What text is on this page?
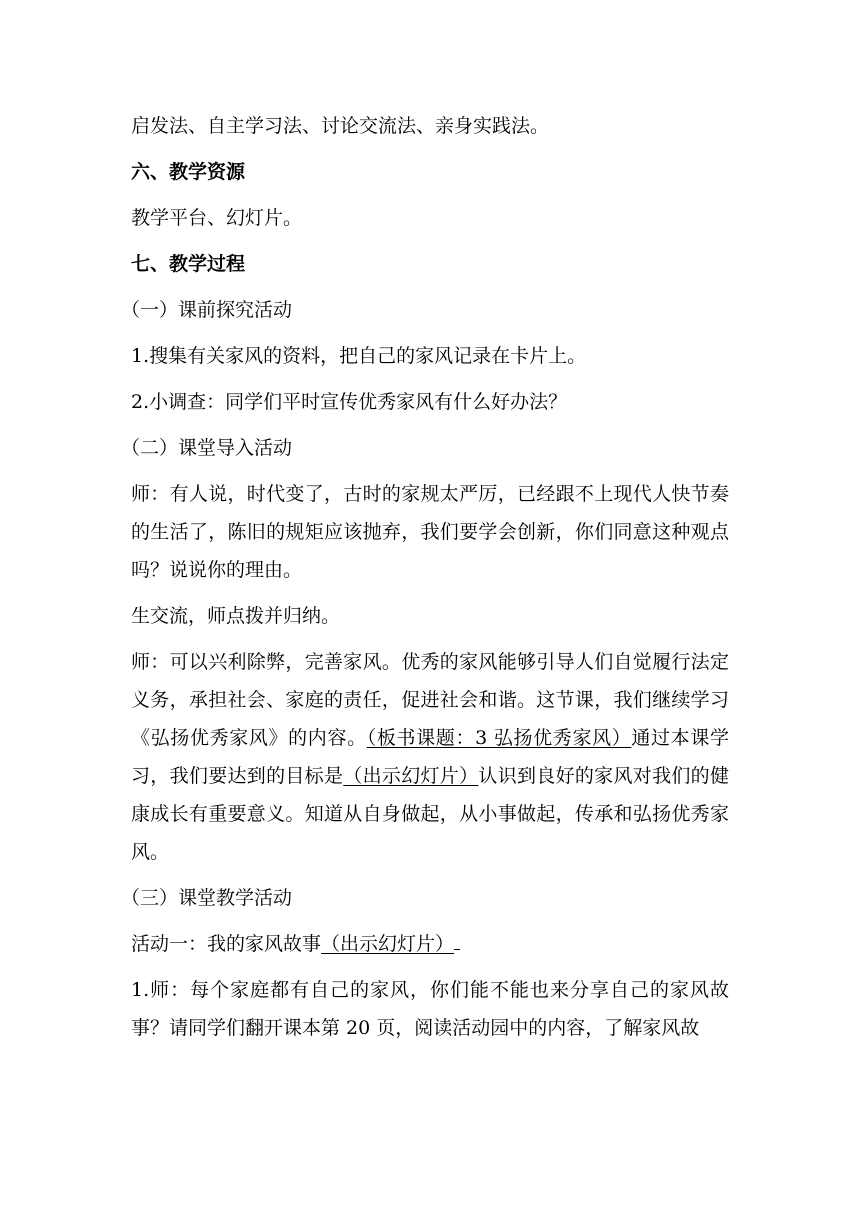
启发法、自主学习法、讨论交流法、亲身实践法。
六、教学资源
教学平台、幻灯片。
七、教学过程
（一）课前探究活动
1.搜集有关家风的资料，把自己的家风记录在卡片上。
2.小调查：同学们平时宣传优秀家风有什么好办法？
（二）课堂导入活动
师：有人说，时代变了，古时的家规太严厉，已经跟不上现代人快节奏的生活了，陈旧的规矩应该抛弃，我们要学会创新，你们同意这种观点吗？说说你的理由。
生交流，师点拨并归纳。
师：可以兴利除弊，完善家风。优秀的家风能够引导人们自觉履行法定义务，承担社会、家庭的责任，促进社会和谐。这节课，我们继续学习《弘扬优秀家风》的内容。（板书课题：3 弘扬优秀家风）通过本课学习，我们要达到的目标是（出示幻灯片）认识到良好的家风对我们的健康成长有重要意义。知道从自身做起，从小事做起，传承和弘扬优秀家风。
（三）课堂教学活动
活动一：我的家风故事（出示幻灯片）
1.师：每个家庭都有自己的家风，你们能不能也来分享自己的家风故事？请同学们翻开课本第 20 页，阅读活动园中的内容，了解家风故
